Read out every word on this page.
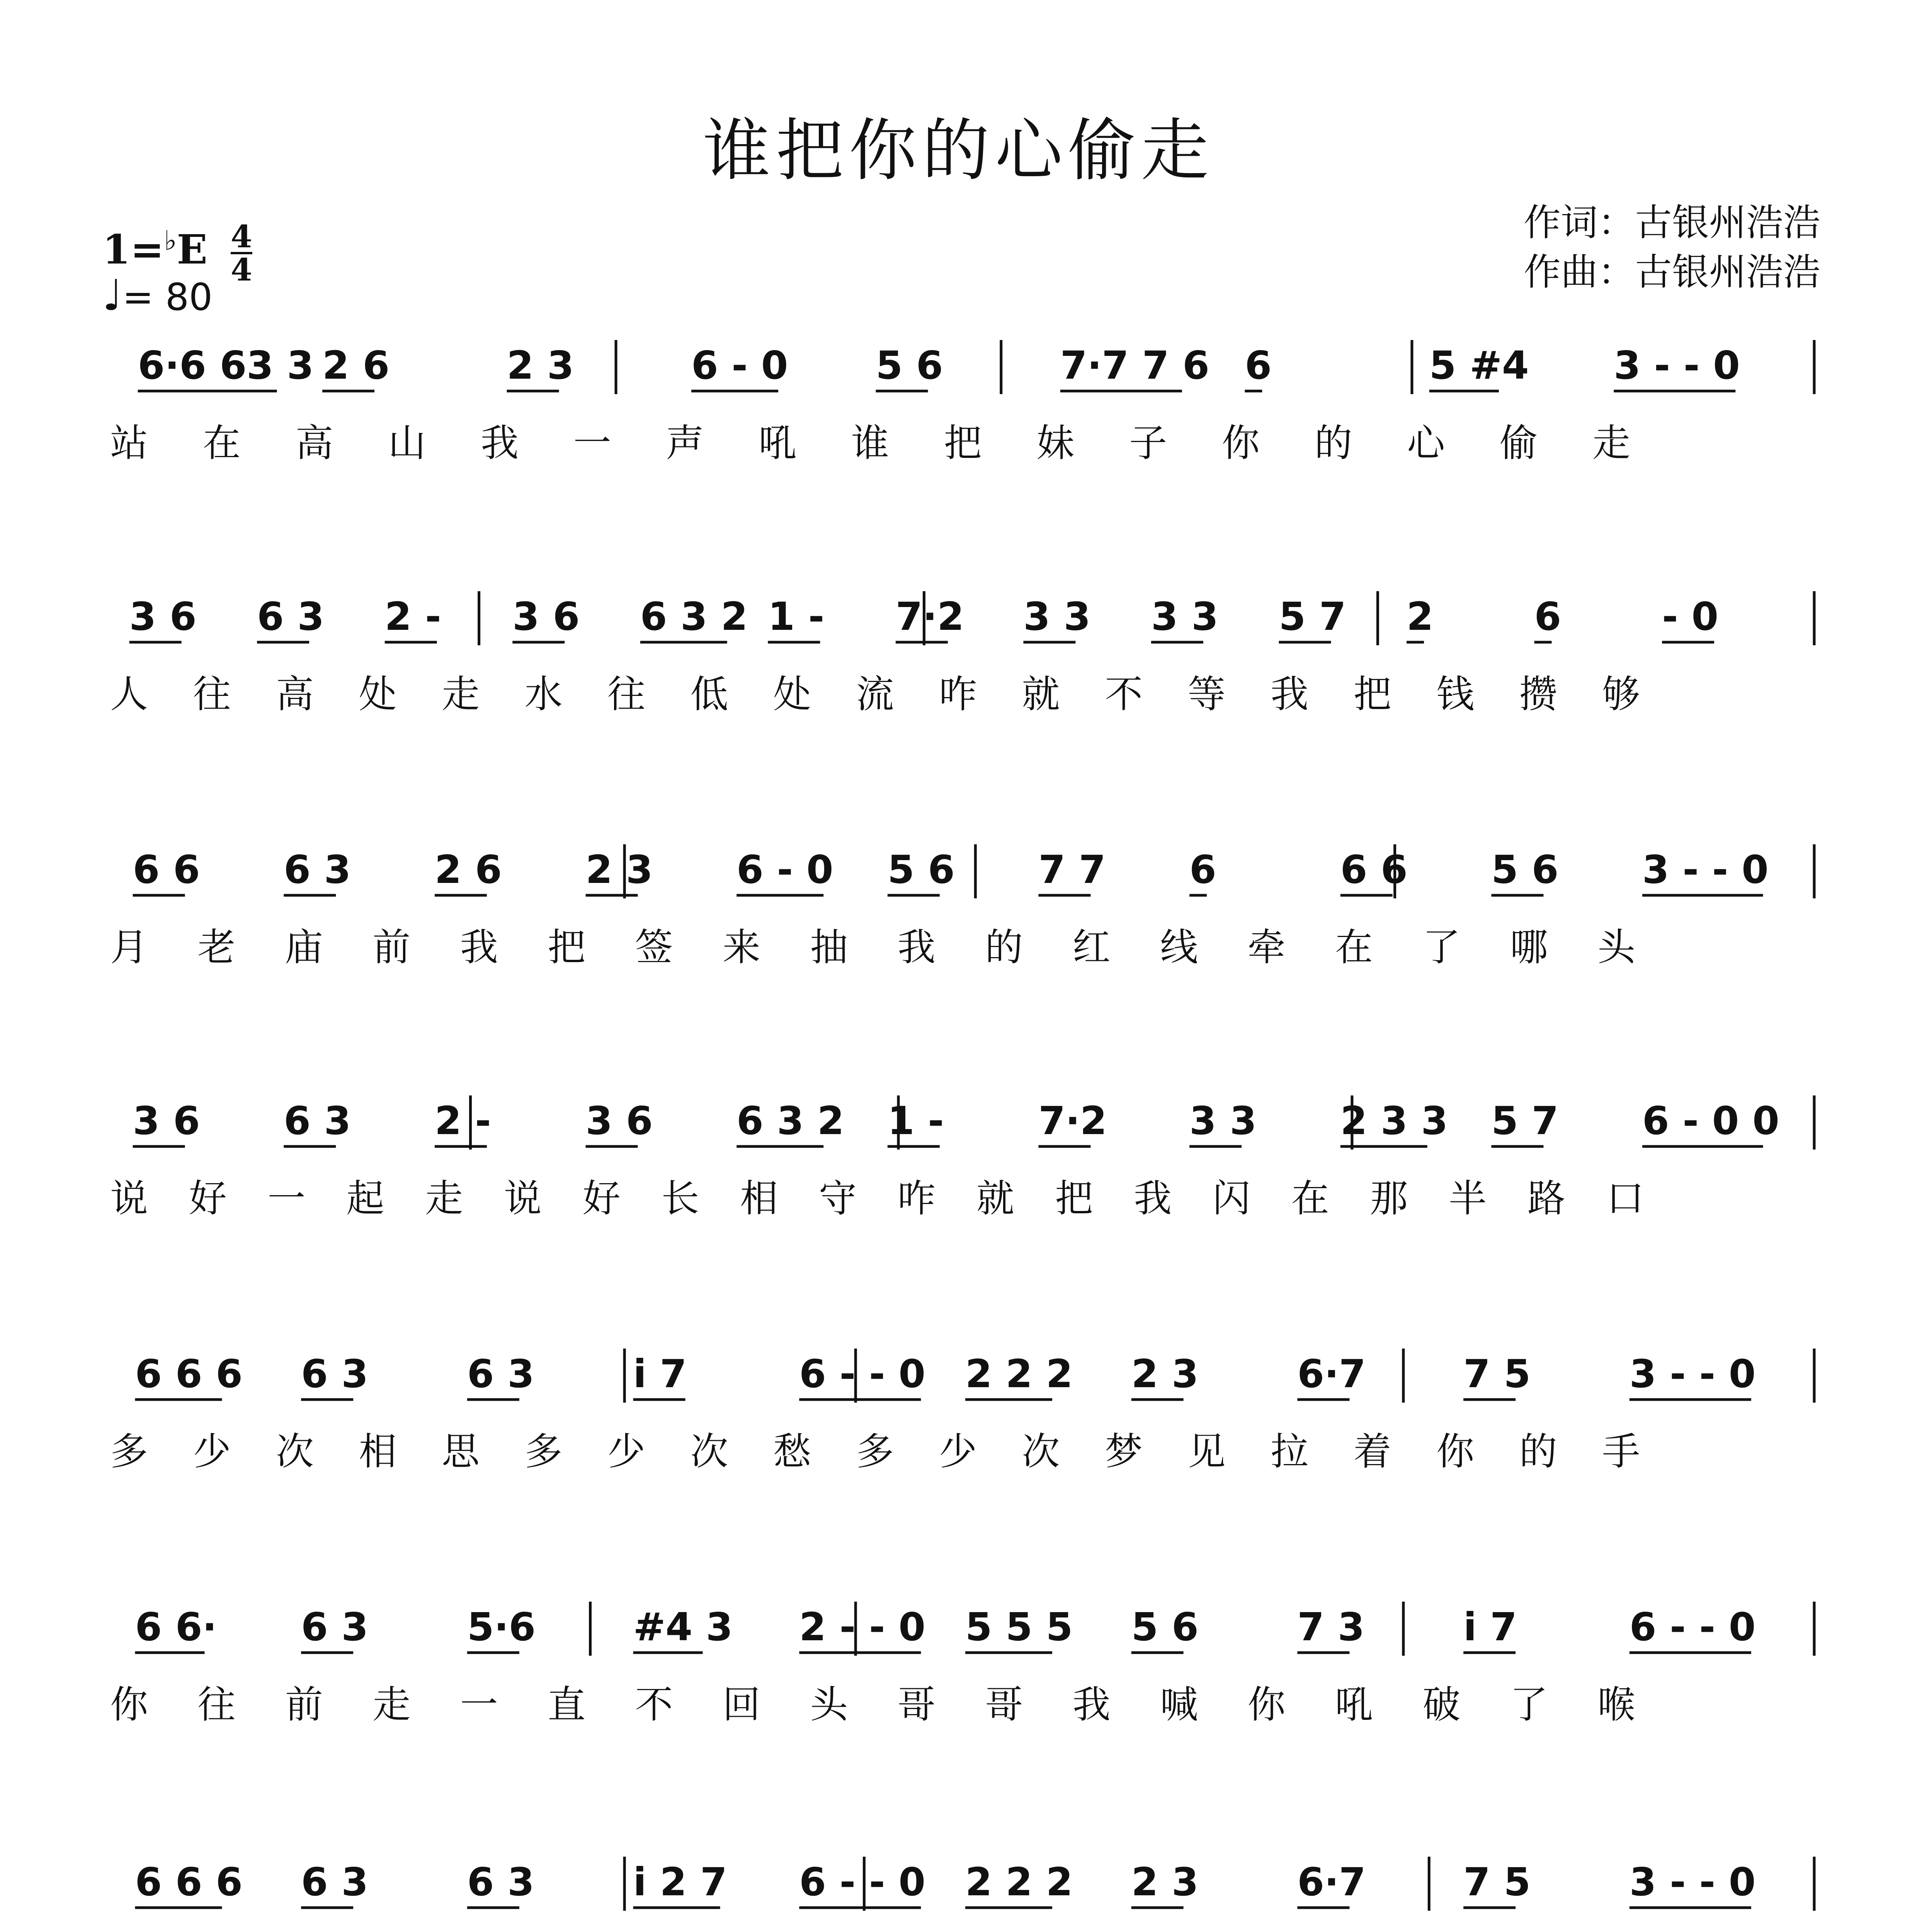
谁把你的心偷走
作词：古银州浩浩
作曲：古银州浩浩
$1=^♭E \frac{4}{4}$
♩= 80
6·6 63 3 2 6	2 3	6 - 0 5 6	7·7 7 6 6	5 #4 3 - - 0
站 在 高 山 我 一 声 吼 谁 把 妹 子 你 的 心 偷 走
3 6 6 3 2 - 3 6 6 3 2 1 - 7·2 3 3 3 3 5 7 2	6	- 0
人 往 高 处 走 水 往 低 处 流 咋 就 不 等 我 把 钱 攒 够
6 6 6 3 2 6 2 3 6 - 0 5 6 7 7 6	6 6 5 6 3 - - 0
月 老 庙 前 我 把 签 来 抽 我 的 红 线 牵 在 了 哪 头
3 6 6 3 2 - 3 6 6 3 2 1 - 7·2 3 3 2 3 3 5 7 6 - 0 0
说 好 一 起 走 说 好 长 相 守 咋 就 把 我 闪 在 那 半 路 口
6 6 6 6 3	6 3	i 7	6 - - 0 2 2 2 2 3	6·7	7 5	3 - - 0
多 少 次 相 思 多 少 次 愁 多 少 次 梦 见 拉 着 你 的 手
6 6· 6 3	5·6	#4 3 2 - - 0 5 5 5 5 6	7 3	i 7	6 - - 0
你 往 前 走 一 直 不 回 头 哥 哥 我 喊 你 吼 破 了 喉
6 6 6 6 3	6 3	i 2 7 6 - - 0 2 2 2 2 3	6·7	7 5	3 - - 0
